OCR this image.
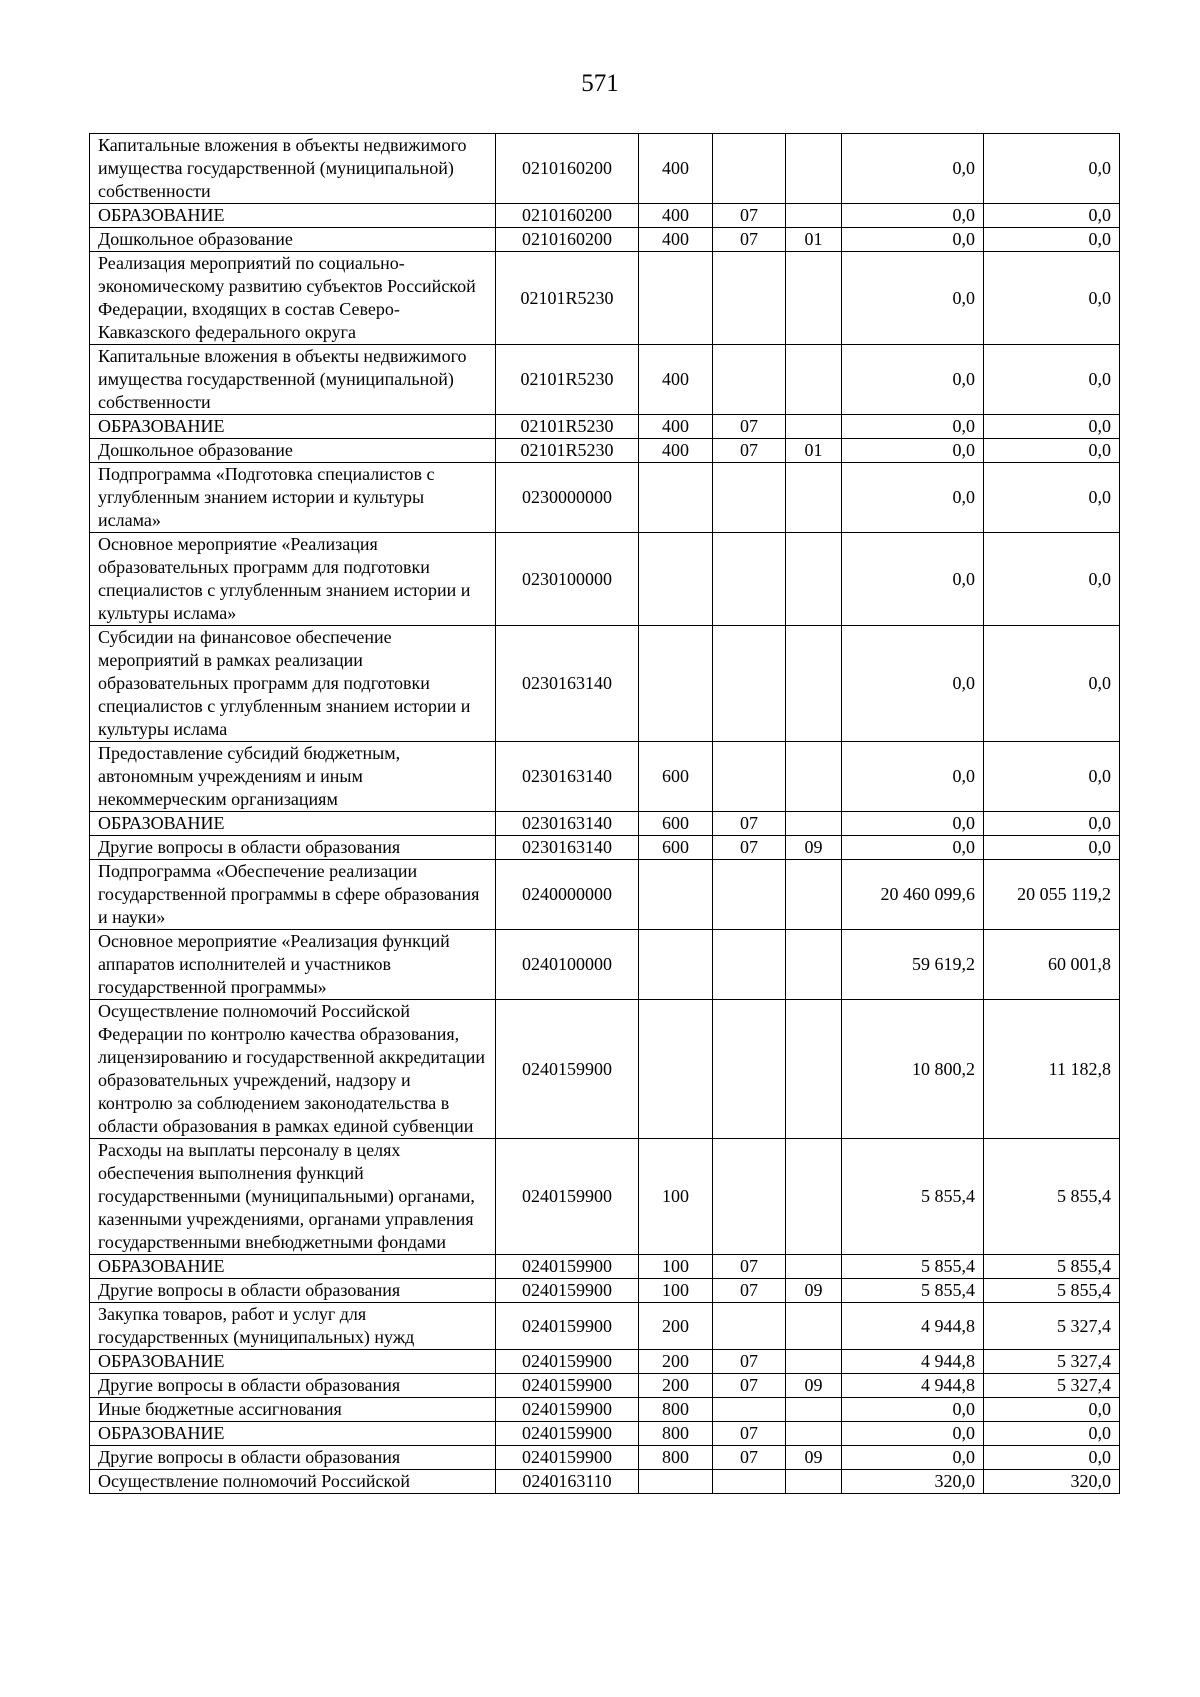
571
Капитальные вложения в объекты недвижимого имущества государственной (муниципальной) собственности	0210160200	400			0,0	0,0
ОБРАЗОВАНИЕ	0210160200	400	07		0,0	0,0
Дошкольное образование	0210160200	400	07	01	0,0	0,0
Реализация мероприятий по социально-экономическому развитию субъектов Российской Федерации, входящих в состав Северо-Кавказского федерального округа	02101R5230				0,0	0,0
Капитальные вложения в объекты недвижимого имущества государственной (муниципальной) собственности	02101R5230	400			0,0	0,0
ОБРАЗОВАНИЕ	02101R5230	400	07		0,0	0,0
Дошкольное образование	02101R5230	400	07	01	0,0	0,0
Подпрограмма «Подготовка специалистов с углубленным знанием истории и культуры ислама»	0230000000				0,0	0,0
Основное мероприятие «Реализация образовательных программ для подготовки специалистов с углубленным знанием истории и культуры ислама»	0230100000				0,0	0,0
Субсидии на финансовое обеспечение мероприятий в рамках реализации образовательных программ для подготовки специалистов с углубленным знанием истории и культуры ислама	0230163140				0,0	0,0
Предоставление субсидий бюджетным, автономным учреждениям и иным некоммерческим организациям	0230163140	600			0,0	0,0
ОБРАЗОВАНИЕ	0230163140	600	07		0,0	0,0
Другие вопросы в области образования	0230163140	600	07	09	0,0	0,0
Подпрограмма «Обеспечение реализации государственной программы в сфере образования и науки»	0240000000				20 460 099,6	20 055 119,2
Основное мероприятие «Реализация функций аппаратов исполнителей и участников государственной программы»	0240100000				59 619,2	60 001,8
Осуществление полномочий Российской Федерации по контролю качества образования, лицензированию и государственной аккредитации образовательных учреждений, надзору и контролю за соблюдением законодательства в области образования в рамках единой субвенции	0240159900				10 800,2	11 182,8
Расходы на выплаты персоналу в целях обеспечения выполнения функций государственными (муниципальными) органами, казенными учреждениями, органами управления государственными внебюджетными фондами	0240159900	100			5 855,4	5 855,4
ОБРАЗОВАНИЕ	0240159900	100	07		5 855,4	5 855,4
Другие вопросы в области образования	0240159900	100	07	09	5 855,4	5 855,4
Закупка товаров, работ и услуг для государственных (муниципальных) нужд	0240159900	200			4 944,8	5 327,4
ОБРАЗОВАНИЕ	0240159900	200	07		4 944,8	5 327,4
Другие вопросы в области образования	0240159900	200	07	09	4 944,8	5 327,4
Иные бюджетные ассигнования	0240159900	800			0,0	0,0
ОБРАЗОВАНИЕ	0240159900	800	07		0,0	0,0
Другие вопросы в области образования	0240159900	800	07	09	0,0	0,0
Осуществление полномочий Российской	0240163110				320,0	320,0
